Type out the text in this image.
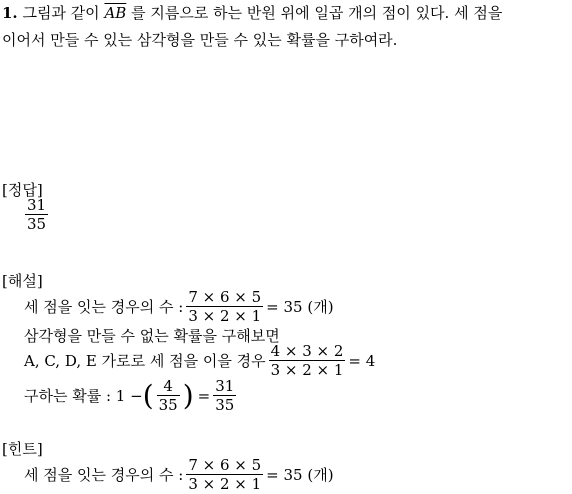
1. 그림과 같이 $\overline{AB}$ 를 지름으로 하는 반원 위에 일곱 개의 점이 있다. 세 점을
이어서 만들 수 있는 삼각형을 만들 수 있는 확률을 구하여라.
[정답]
$\frac{31}{35}$
[해설]
세 점을 잇는 경우의 수 : $\frac{7 \times 6 \times 5}{3 \times 2 \times 1} = 35$ (개)
삼각형을 만들 수 없는 확률을 구해보면
A, C, D, E 가로로 세 점을 이을 경우 $\frac{4 \times 3 \times 2}{3 \times 2 \times 1} = 4$
구하는 확률 : 1 − ( $\frac{4}{35}$ ) = $\frac{31}{35}$
[힌트]
세 점을 잇는 경우의 수 : $\frac{7 \times 6 \times 5}{3 \times 2 \times 1} = 35$ (개)
